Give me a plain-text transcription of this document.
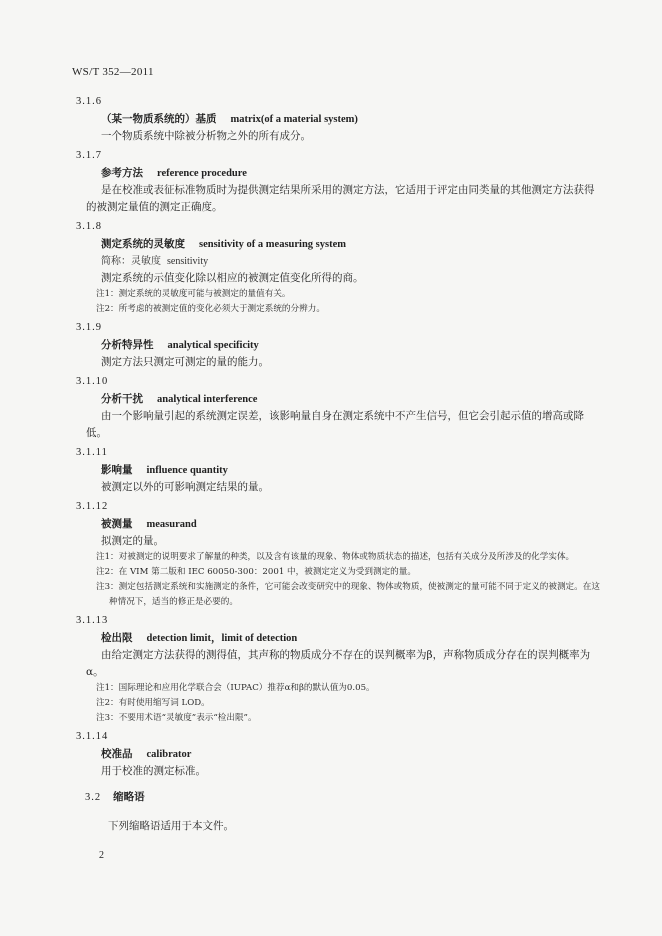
WS/T 352—2011
3.1.6
（某一物质系统的）基质 matrix(of a material system)
一个物质系统中除被分析物之外的所有成分。
3.1.7
参考方法 reference procedure
是在校准或表征标准物质时为提供测定结果所采用的测定方法，它适用于评定由同类量的其他测定方法获得的被测定量值的测定正确度。
3.1.8
测定系统的灵敏度 sensitivity of a measuring system
简称：灵敏度 sensitivity
测定系统的示值变化除以相应的被测定值变化所得的商。
注1：测定系统的灵敏度可能与被测定的量值有关。
注2：所考虑的被测定值的变化必须大于测定系统的分辨力。
3.1.9
分析特异性 analytical specificity
测定方法只测定可测定的量的能力。
3.1.10
分析干扰 analytical interference
由一个影响量引起的系统测定误差，该影响量自身在测定系统中不产生信号，但它会引起示值的增高或降低。
3.1.11
影响量 influence quantity
被测定以外的可影响测定结果的量。
3.1.12
被测量 measurand
拟测定的量。
注1：对被测定的说明要求了解量的种类，以及含有该量的现象、物体或物质状态的描述，包括有关成分及所涉及的化学实体。
注2：在 VIM 第二版和 IEC 60050-300：2001 中，被测定定义为受到测定的量。
注3：测定包括测定系统和实施测定的条件，它可能会改变研究中的现象、物体或物质，使被测定的量可能不同于定义的被测定。在这种情况下，适当的修正是必要的。
3.1.13
检出限 detection limit，limit of detection
由给定测定方法获得的测得值，其声称的物质成分不存在的误判概率为β，声称物质成分存在的误判概率为α。
注1：国际理论和应用化学联合会（IUPAC）推荐α和β的默认值为0.05。
注2：有时使用缩写词 LOD。
注3：不要用术语“灵敏度”表示“检出限”。
3.1.14
校准品 calibrator
用于校准的测定标准。
3.2 缩略语
下列缩略语适用于本文件。
2
